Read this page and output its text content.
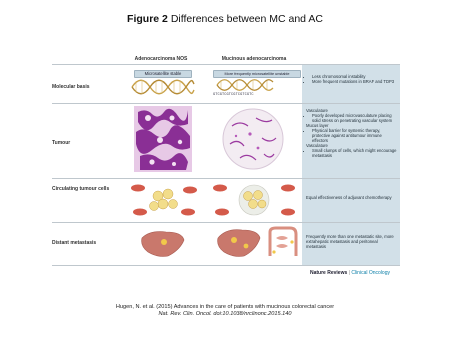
Figure 2 Differences between MC and AC
Adenocarcinoma NOS	Mucinous adenocarcinoma
Molecular basis
Tumour
Circulating tumour cells
Distant metastasis
Microsatellite stable	More frequently microsatellite unstable
GTCGTCGTCGTCGTCGTC
• Less chromosomal instability
• More frequent mutations in BRAF and TDP3
Vasculature
• Poorly developed microvasculature placing solid stress on penetrating vascular system
Mucus layer
• Physical barrier for systemic therapy, protective against antitumour immune effectors
Vasculature
• Small clumps of cells, which might encourage metastasis
Equal effectiveness of adjuvant chemotherapy
Frequently more than one metastatic site, more extrahepatic metastasis and peritoneal metastasis
Nature Reviews | Clinical Oncology
Hugen, N. et al. (2015) Advances in the care of patients with mucinous colorectal cancer
Nat. Rev. Clin. Oncol. doi:10.1038/nrclinonc.2015.140
